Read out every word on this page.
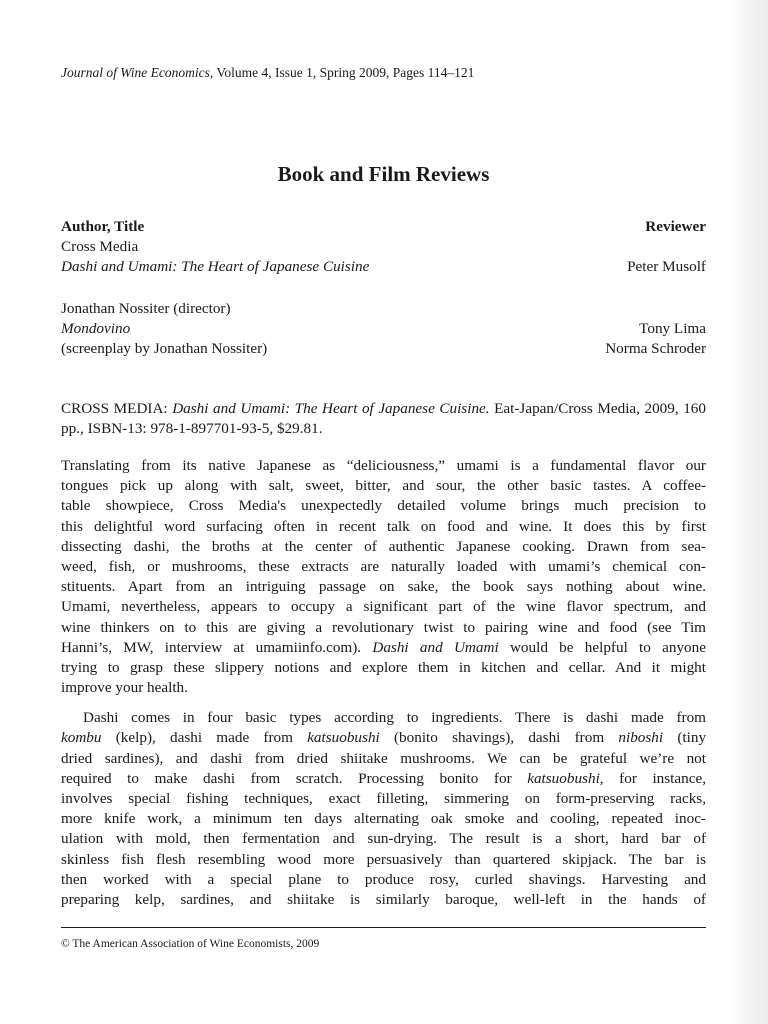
Journal of Wine Economics, Volume 4, Issue 1, Spring 2009, Pages 114–121
Book and Film Reviews
Author, Title	Reviewer
Cross Media
Dashi and Umami: The Heart of Japanese Cuisine	Peter Musolf
Jonathan Nossiter (director)
Mondovino	Tony Lima
(screenplay by Jonathan Nossiter)	Norma Schroder
CROSS MEDIA: Dashi and Umami: The Heart of Japanese Cuisine. Eat-Japan/Cross Media, 2009, 160 pp., ISBN-13: 978-1-897701-93-5, $29.81.
Translating from its native Japanese as “deliciousness,” umami is a fundamental flavor our
tongues pick up along with salt, sweet, bitter, and sour, the other basic tastes. A coffee-
table showpiece, Cross Media's unexpectedly detailed volume brings much precision to
this delightful word surfacing often in recent talk on food and wine. It does this by first
dissecting dashi, the broths at the center of authentic Japanese cooking. Drawn from sea-
weed, fish, or mushrooms, these extracts are naturally loaded with umami’s chemical con-
stituents. Apart from an intriguing passage on sake, the book says nothing about wine.
Umami, nevertheless, appears to occupy a significant part of the wine flavor spectrum, and
wine thinkers on to this are giving a revolutionary twist to pairing wine and food (see Tim
Hanni’s, MW, interview at umamiinfo.com). Dashi and Umami would be helpful to anyone
trying to grasp these slippery notions and explore them in kitchen and cellar. And it might
improve your health.
Dashi comes in four basic types according to ingredients. There is dashi made from
kombu (kelp), dashi made from katsuobushi (bonito shavings), dashi from niboshi (tiny
dried sardines), and dashi from dried shiitake mushrooms. We can be grateful we’re not
required to make dashi from scratch. Processing bonito for katsuobushi, for instance,
involves special fishing techniques, exact filleting, simmering on form-preserving racks,
more knife work, a minimum ten days alternating oak smoke and cooling, repeated inoc-
ulation with mold, then fermentation and sun-drying. The result is a short, hard bar of
skinless fish flesh resembling wood more persuasively than quartered skipjack. The bar is
then worked with a special plane to produce rosy, curled shavings. Harvesting and
preparing kelp, sardines, and shiitake is similarly baroque, well-left in the hands of
© The American Association of Wine Economists, 2009
